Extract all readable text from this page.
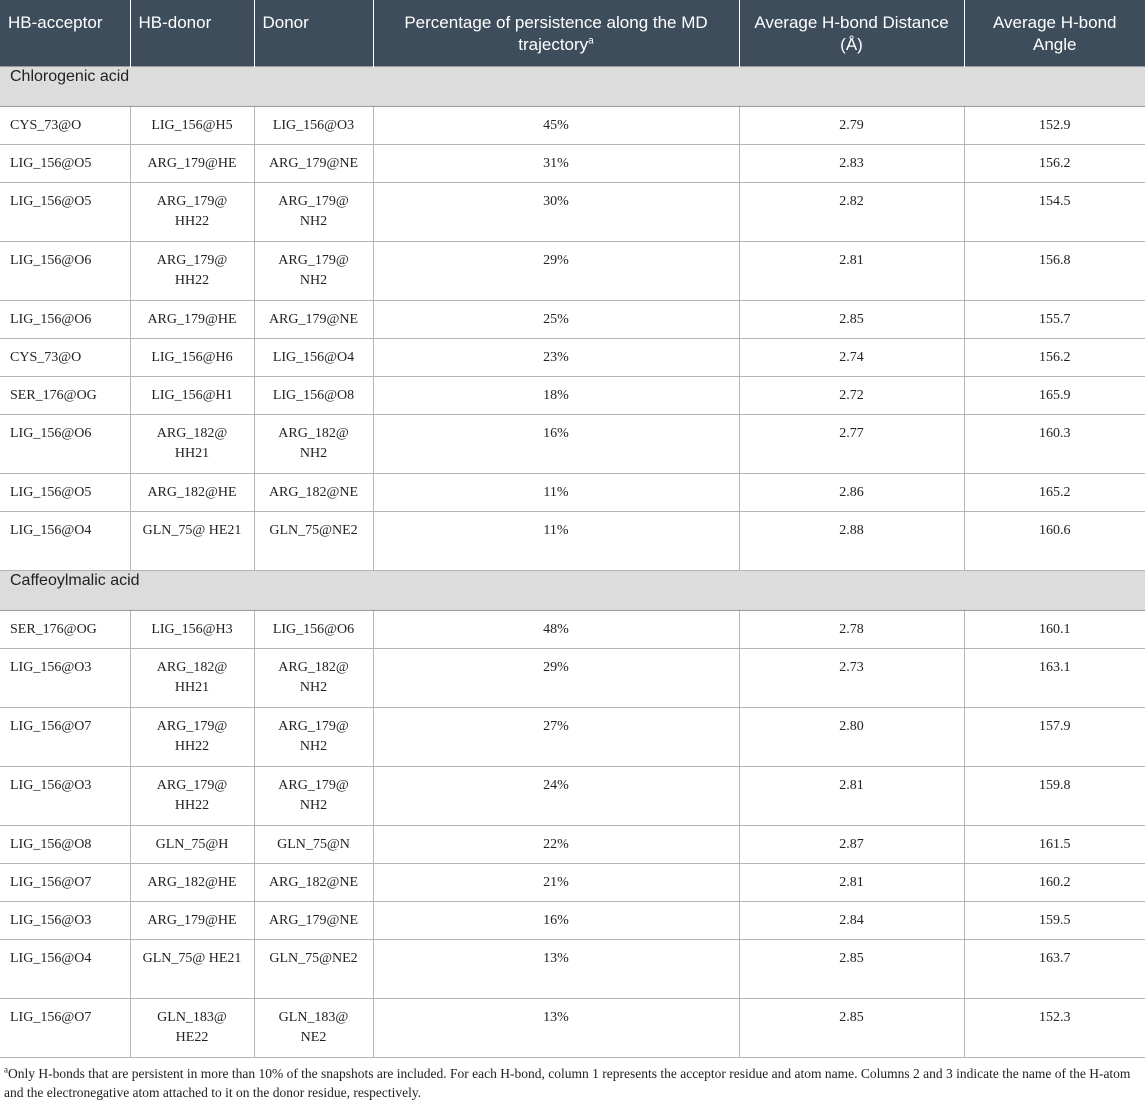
HB-acceptor	HB-donor	Donor	Percentage of persistence along the MD trajectory$^a$	Average H-bond Distance (Å)	Average H-bond Angle
Chlorogenic acid					
CYS_73@O	LIG_156@H5	LIG_156@O3	45%	2.79	152.9
LIG_156@O5	ARG_179@HE	ARG_179@NE	31%	2.83	156.2
LIG_156@O5	ARG_179@ HH22	ARG_179@ NH2	30%	2.82	154.5
LIG_156@O6	ARG_179@ HH22	ARG_179@ NH2	29%	2.81	156.8
LIG_156@O6	ARG_179@HE	ARG_179@NE	25%	2.85	155.7
CYS_73@O	LIG_156@H6	LIG_156@O4	23%	2.74	156.2
SER_176@OG	LIG_156@H1	LIG_156@O8	18%	2.72	165.9
LIG_156@O6	ARG_182@ HH21	ARG_182@ NH2	16%	2.77	160.3
LIG_156@O5	ARG_182@HE	ARG_182@NE	11%	2.86	165.2
LIG_156@O4	GLN_75@ HE21	GLN_75@NE2	11%	2.88	160.6
Caffeoylmalic acid					
SER_176@OG	LIG_156@H3	LIG_156@O6	48%	2.78	160.1
LIG_156@O3	ARG_182@ HH21	ARG_182@ NH2	29%	2.73	163.1
LIG_156@O7	ARG_179@ HH22	ARG_179@ NH2	27%	2.80	157.9
LIG_156@O3	ARG_179@ HH22	ARG_179@ NH2	24%	2.81	159.8
LIG_156@O8	GLN_75@H	GLN_75@N	22%	2.87	161.5
LIG_156@O7	ARG_182@HE	ARG_182@NE	21%	2.81	160.2
LIG_156@O3	ARG_179@HE	ARG_179@NE	16%	2.84	159.5
LIG_156@O4	GLN_75@ HE21	GLN_75@NE2	13%	2.85	163.7
LIG_156@O7	GLN_183@ HE22	GLN_183@ NE2	13%	2.85	152.3
$^a$Only H-bonds that are persistent in more than 10% of the snapshots are included. For each H-bond, column 1 represents the acceptor residue and atom name. Columns 2 and 3 indicate the name of the H-atom and the electronegative atom attached to it on the donor residue, respectively.
